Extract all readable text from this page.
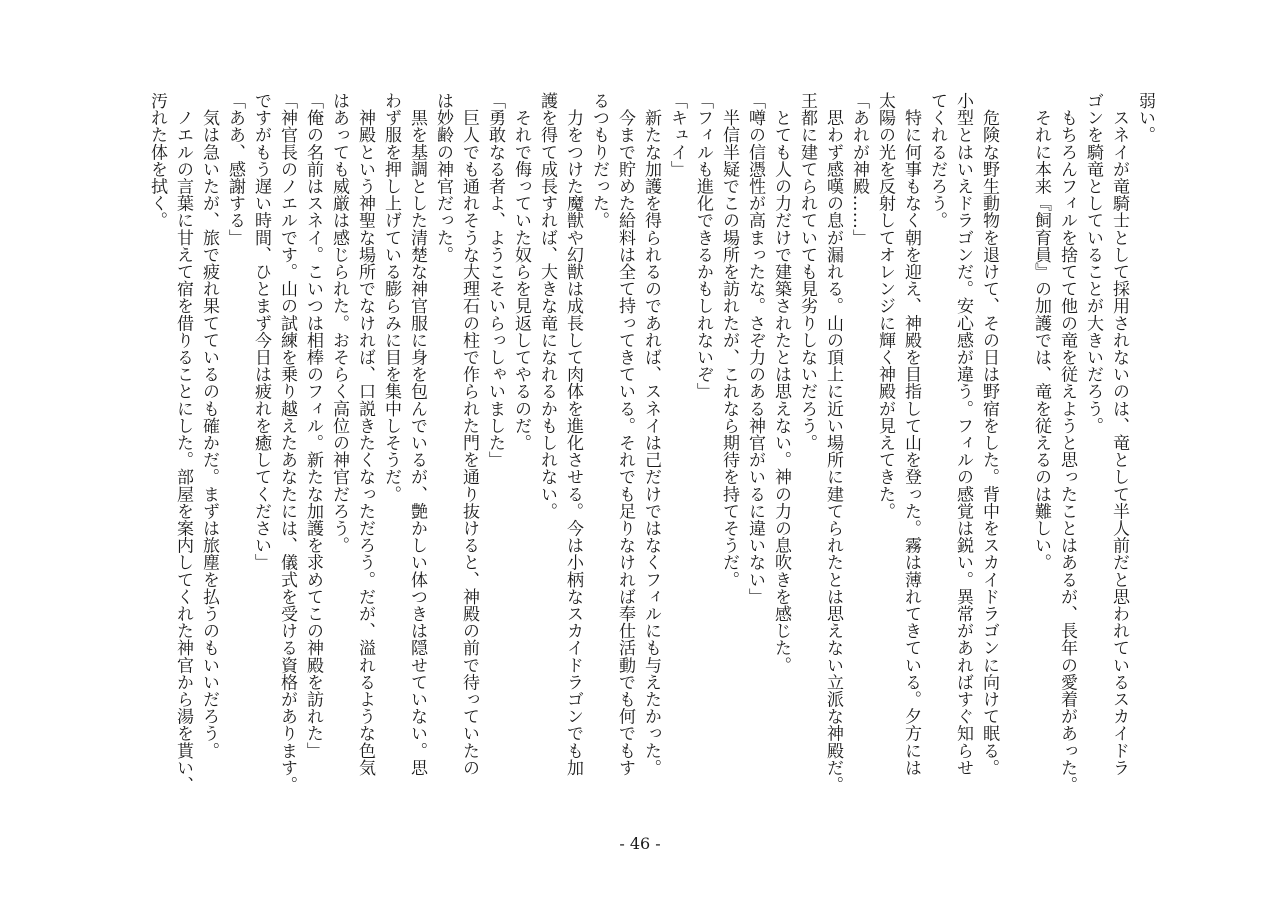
弱い。

　スネイが竜騎士として採用されないのは、竜として半人前だと思われているスカイドラ

ゴンを騎竜としていることが大きいだろう。

　もちろんフィルを捨てて他の竜を従えようと思ったことはあるが、長年の愛着があった。

　それに本来『飼育員』の加護では、竜を従えるのは難しい。

　危険な野生動物を退けて、その日は野宿をした。背中をスカイドラゴンに向けて眠る。

小型とはいえドラゴンだ。安心感が違う。フィルの感覚は鋭い。異常があればすぐ知らせ

てくれるだろう。

　特に何事もなく朝を迎え、神殿を目指して山を登った。霧は薄れてきている。夕方には

太陽の光を反射してオレンジに輝く神殿が見えてきた。

「あれが神殿……」

　思わず感嘆の息が漏れる。山の頂上に近い場所に建てられたとは思えない立派な神殿だ。

王都に建てられていても見劣りしないだろう。

　とても人の力だけで建築されたとは思えない。神の力の息吹きを感じた。

「噂の信憑性が高まったな。さぞ力のある神官がいるに違いない」

　半信半疑でこの場所を訪れたが、これなら期待を持てそうだ。

「フィルも進化できるかもしれないぞ」

「キュイ」

　新たな加護を得られるのであれば、スネイは己だけではなくフィルにも与えたかった。

　今まで貯めた給料は全て持ってきている。それでも足りなければ奉仕活動でも何でもす

るつもりだった。

　力をつけた魔獣や幻獣は成長して肉体を進化させる。今は小柄なスカイドラゴンでも加

護を得て成長すれば、大きな竜になれるかもしれない。

　それで侮っていた奴らを見返してやるのだ。

「勇敢なる者よ、ようこそいらっしゃいました」

　巨人でも通れそうな大理石の柱で作られた門を通り抜けると、神殿の前で待っていたの

は妙齢の神官だった。

　黒を基調とした清楚な神官服に身を包んでいるが、艶かしい体つきは隠せていない。思

わず服を押し上げている膨らみに目を集中しそうだ。

　神殿という神聖な場所でなければ、口説きたくなっただろう。だが、溢れるような色気

はあっても威厳は感じられた。おそらく高位の神官だろう。

「俺の名前はスネイ。こいつは相棒のフィル。新たな加護を求めてこの神殿を訪れた」

「神官長のノエルです。山の試練を乗り越えたあなたには、儀式を受ける資格があります。

ですがもう遅い時間、ひとまず今日は疲れを癒してください」

「ああ、感謝する」

　気は急いたが、旅で疲れ果てているのも確かだ。まずは旅塵を払うのもいいだろう。

　ノエルの言葉に甘えて宿を借りることにした。部屋を案内してくれた神官から湯を貰い、

汚れた体を拭く。

- 46 -
